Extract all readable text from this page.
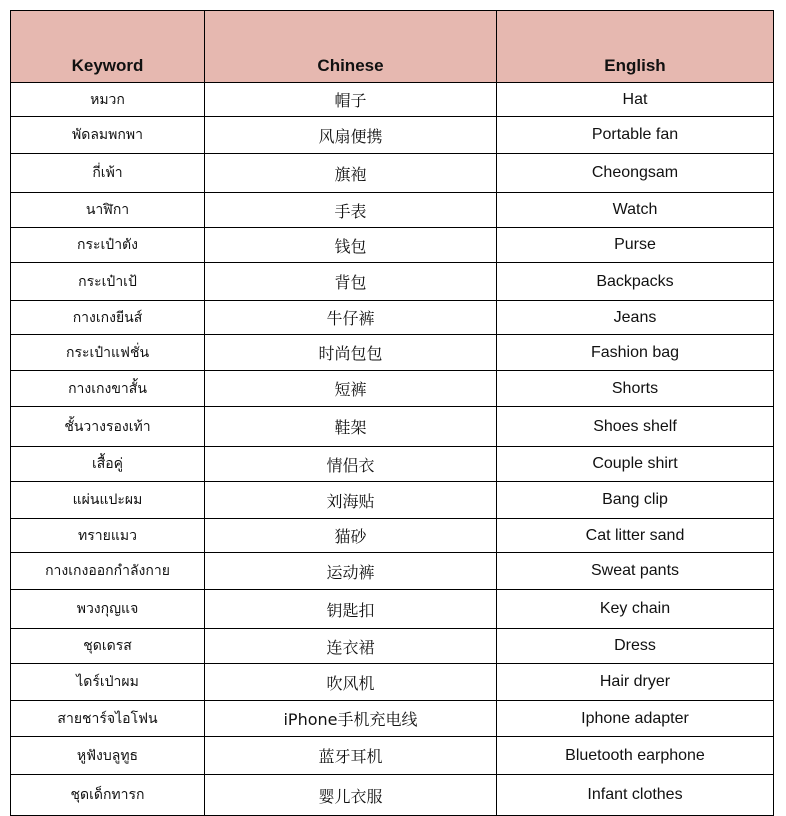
Keyword	Chinese	English
หมวก	帽子	Hat
พัดลมพกพา	风扇便携	Portable fan
กี่เพ้า	旗袍	Cheongsam
นาฬิกา	手表	Watch
กระเป๋าตัง	钱包	Purse
กระเป๋าเป้	背包	Backpacks
กางเกงยีนส์	牛仔裤	Jeans
กระเป๋าแฟชั่น	时尚包包	Fashion bag
กางเกงขาสั้น	短裤	Shorts
ชั้นวางรองเท้า	鞋架	Shoes shelf
เสื้อคู่	情侣衣	Couple shirt
แผ่นแปะผม	刘海贴	Bang clip
ทรายแมว	猫砂	Cat litter sand
กางเกงออกกำลังกาย	运动裤	Sweat pants
พวงกุญแจ	钥匙扣	Key chain
ชุดเดรส	连衣裙	Dress
ไดร์เป่าผม	吹风机	Hair dryer
สายชาร์จไอโฟน	iPhone手机充电线	Iphone adapter
หูฟังบลูทูธ	蓝牙耳机	Bluetooth earphone
ชุดเด็กทารก	婴儿衣服	Infant clothes
